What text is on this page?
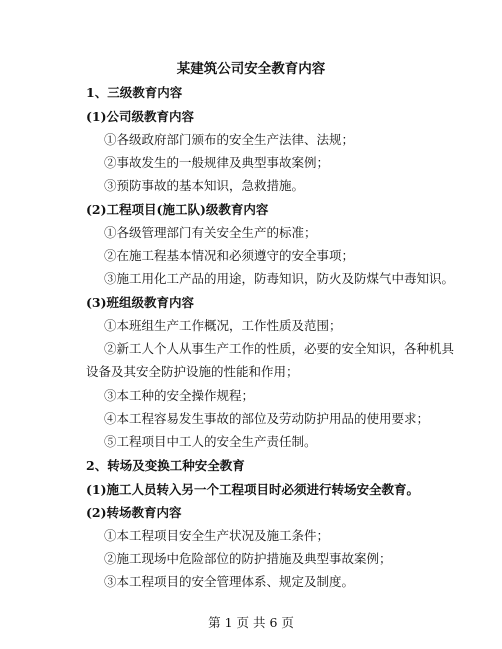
某建筑公司安全教育内容
1、三级教育内容
(1)公司级教育内容
①各级政府部门颁布的安全生产法律、法规；
②事故发生的一般规律及典型事故案例；
③预防事故的基本知识，急救措施。
(2)工程项目(施工队)级教育内容
①各级管理部门有关安全生产的标准；
②在施工程基本情况和必须遵守的安全事项；
③施工用化工产品的用途，防毒知识，防火及防煤气中毒知识。
(3)班组级教育内容
①本班组生产工作概况，工作性质及范围；
②新工人个人从事生产工作的性质，必要的安全知识，各种机具
设备及其安全防护设施的性能和作用；
③本工种的安全操作规程；
④本工程容易发生事故的部位及劳动防护用品的使用要求；
⑤工程项目中工人的安全生产责任制。
2、转场及变换工种安全教育
(1)施工人员转入另一个工程项目时必须进行转场安全教育。
(2)转场教育内容
①本工程项目安全生产状况及施工条件；
②施工现场中危险部位的防护措施及典型事故案例；
③本工程项目的安全管理体系、规定及制度。
第 1 页 共 6 页
